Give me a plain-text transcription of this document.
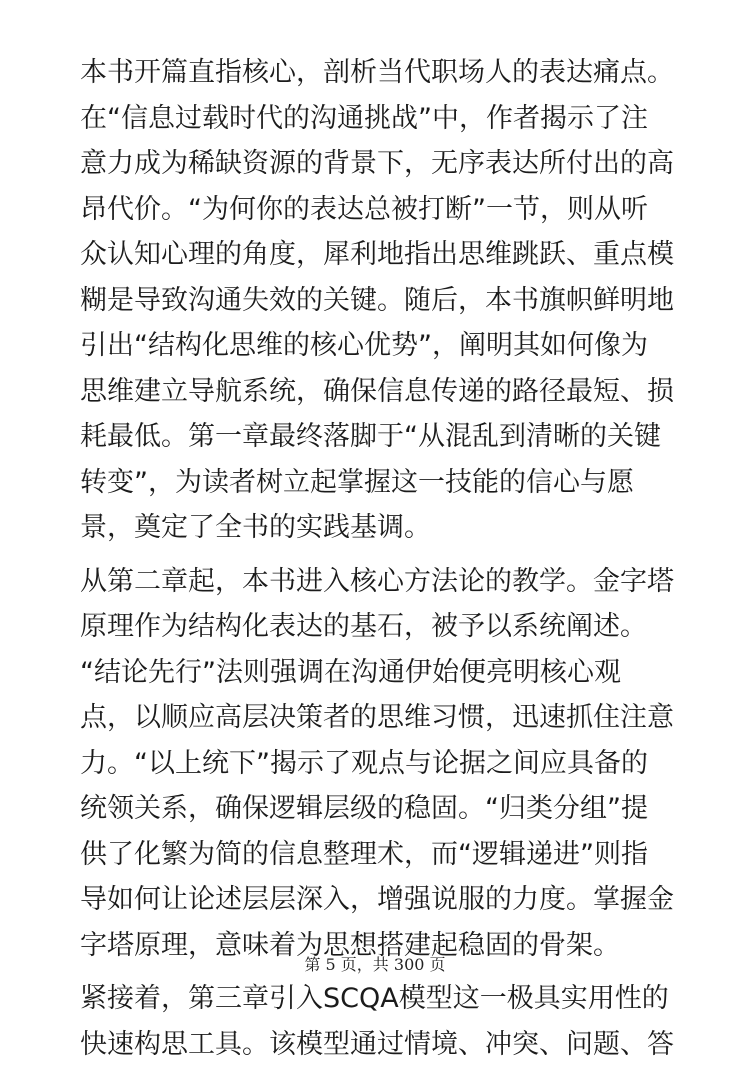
本书开篇直指核心，剖析当代职场人的表达痛点。
在“信息过载时代的沟通挑战”中，作者揭示了注
意力成为稀缺资源的背景下，无序表达所付出的高
昂代价。“为何你的表达总被打断”一节，则从听
众认知心理的角度，犀利地指出思维跳跃、重点模
糊是导致沟通失效的关键。随后，本书旗帜鲜明地
引出“结构化思维的核心优势”，阐明其如何像为
思维建立导航系统，确保信息传递的路径最短、损
耗最低。第一章最终落脚于“从混乱到清晰的关键
转变”，为读者树立起掌握这一技能的信心与愿
景，奠定了全书的实践基调。
从第二章起，本书进入核心方法论的教学。金字塔
原理作为结构化表达的基石，被予以系统阐述。
“结论先行”法则强调在沟通伊始便亮明核心观
点，以顺应高层决策者的思维习惯，迅速抓住注意
力。“以上统下”揭示了观点与论据之间应具备的
统领关系，确保逻辑层级的稳固。“归类分组”提
供了化繁为简的信息整理术，而“逻辑递进”则指
导如何让论述层层深入，增强说服的力度。掌握金
字塔原理，意味着为思想搭建起稳固的骨架。
紧接着，第三章引入SCQA模型这一极具实用性的
快速构思工具。该模型通过情境、冲突、问题、答
第 5 页，共 300 页
